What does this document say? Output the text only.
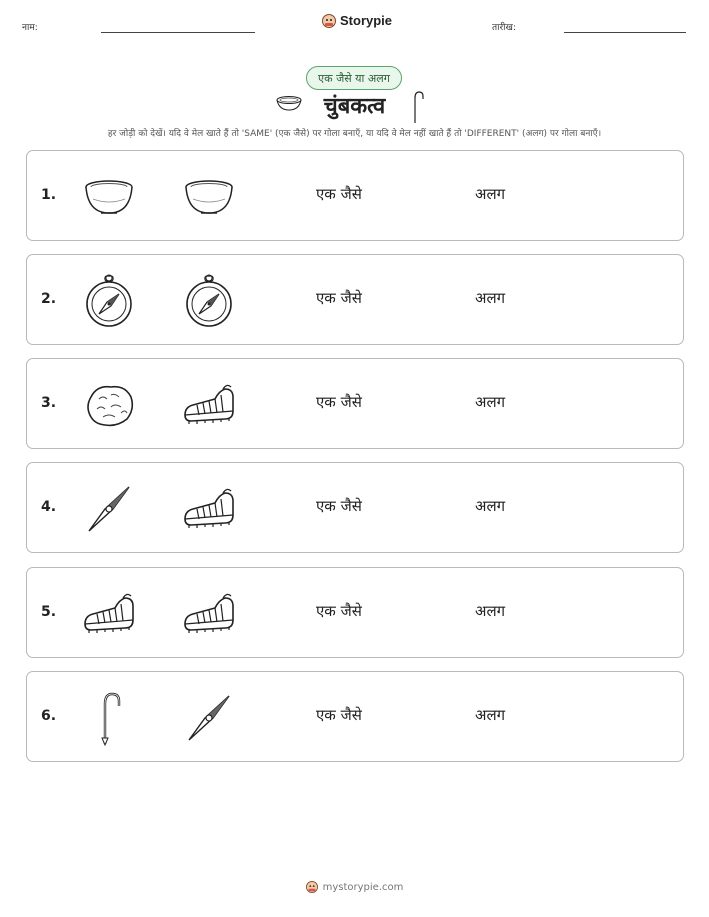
नाम:	Storypie	तारीख:
एक जैसे या अलग
चुंबकत्व
हर जोड़ी को देखें। यदि वे मेल खाते हैं तो 'SAME' (एक जैसे) पर गोला बनाएँ, या यदि वे मेल नहीं खाते हैं तो 'DIFFERENT' (अलग) पर गोला बनाएँ।
1.	एक जैसे	अलग
2.	एक जैसे	अलग
3.	एक जैसे	अलग
4.	एक जैसे	अलग
5.	एक जैसे	अलग
6.	एक जैसे	अलग
mystorypie.com
